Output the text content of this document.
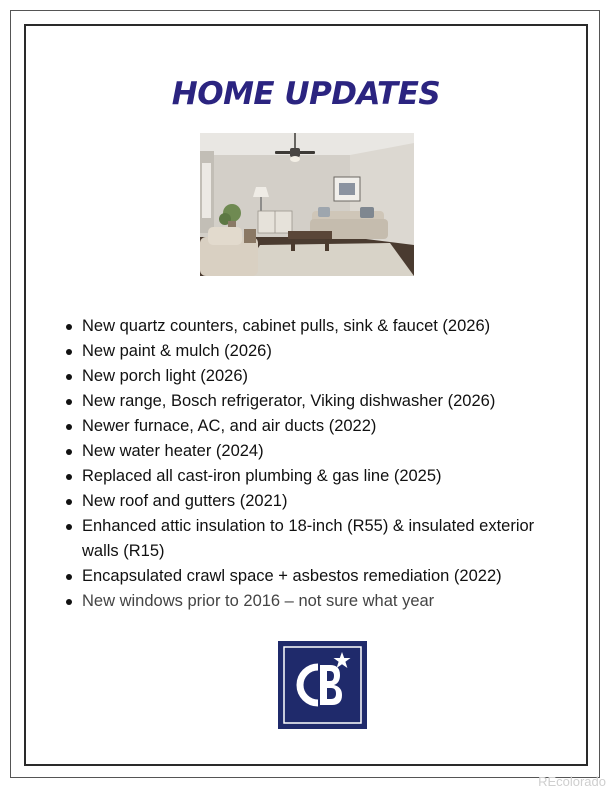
HOME UPDATES
New quartz counters, cabinet pulls, sink & faucet (2026)
New paint & mulch (2026)
New porch light (2026)
New range, Bosch refrigerator, Viking dishwasher (2026)
Newer furnace, AC, and air ducts (2022)
New water heater (2024)
Replaced all cast-iron plumbing & gas line (2025)
New roof and gutters (2021)
Enhanced attic insulation to 18-inch (R55) & insulated exterior walls (R15)
Encapsulated crawl space + asbestos remediation (2022)
New windows prior to 2016 – not sure what year
REcolorado
